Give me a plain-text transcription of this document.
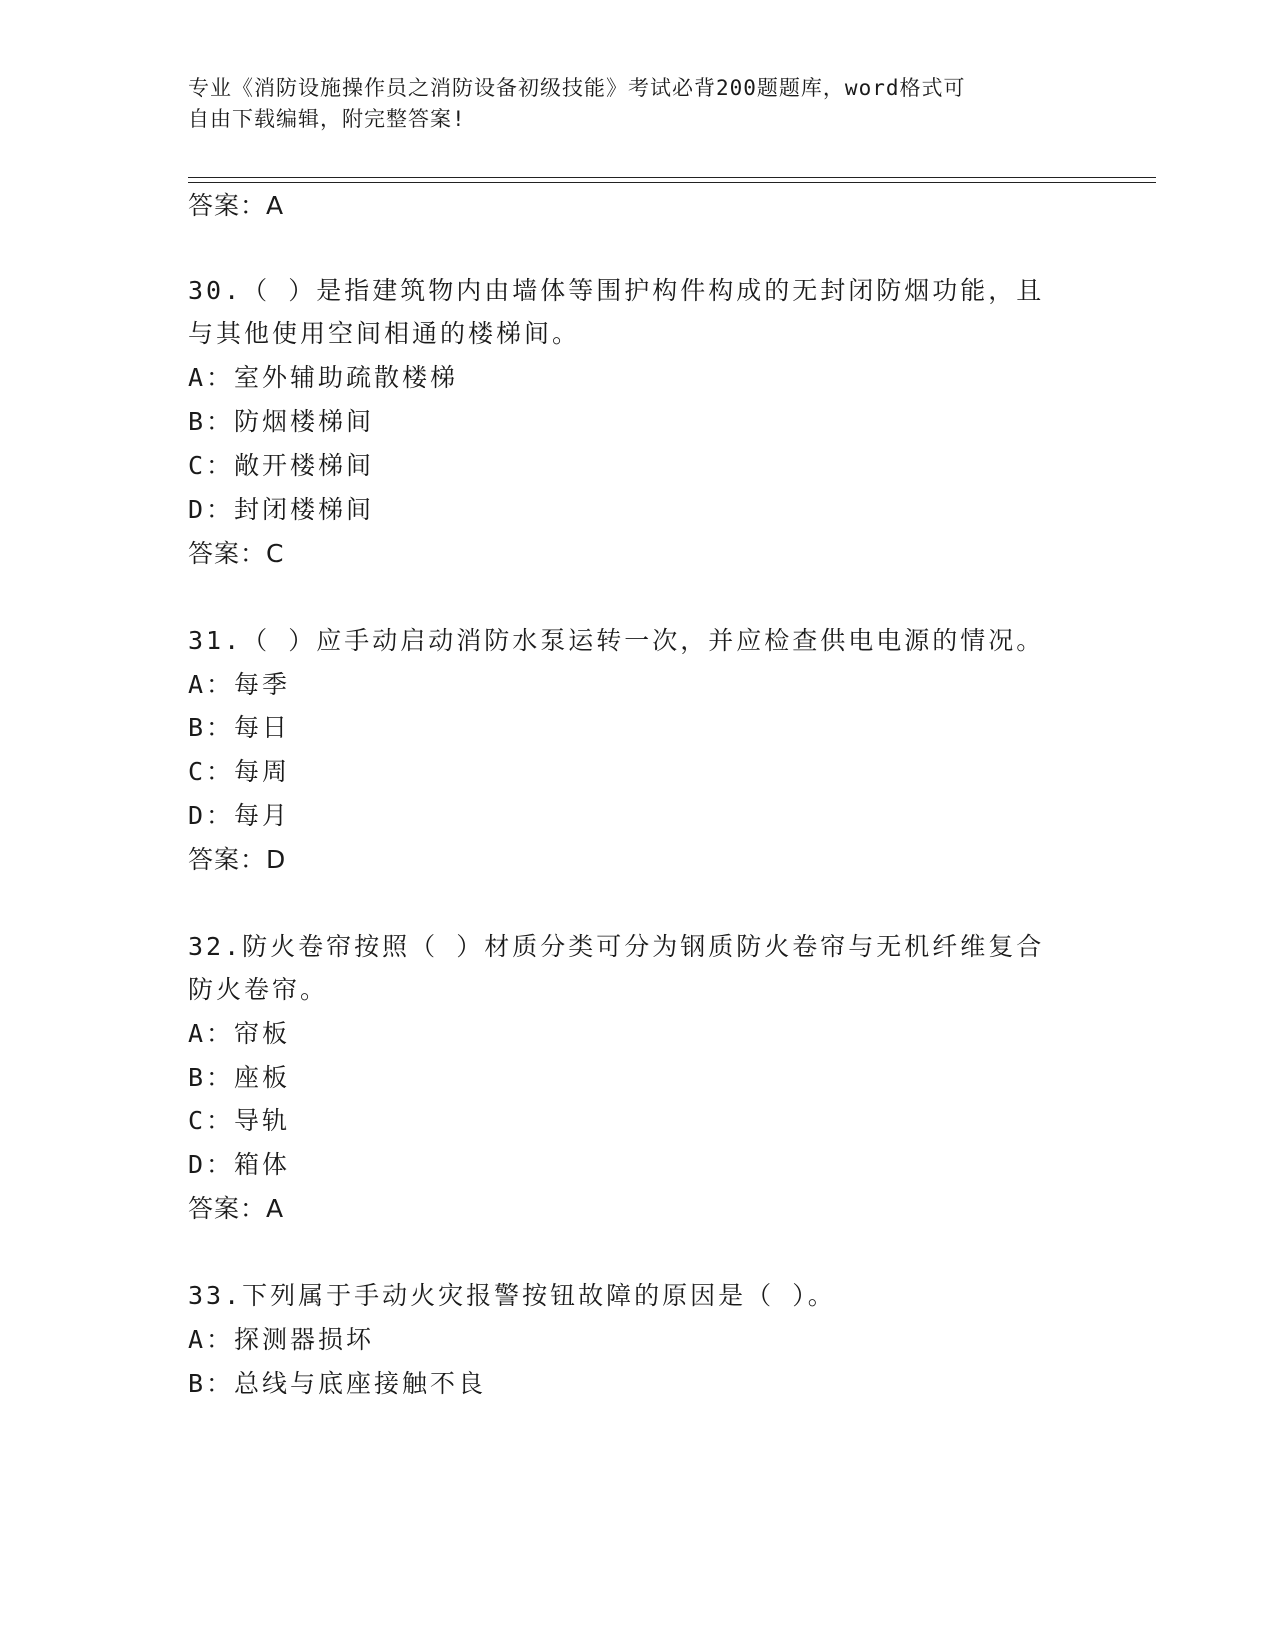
专业《消防设施操作员之消防设备初级技能》考试必背200题题库，word格式可
自由下载编辑，附完整答案!
答案：A
30.（ ）是指建筑物内由墙体等围护构件构成的无封闭防烟功能，且
与其他使用空间相通的楼梯间。
A：室外辅助疏散楼梯
B：防烟楼梯间
C：敞开楼梯间
D：封闭楼梯间
答案：C
31.（ ）应手动启动消防水泵运转一次，并应检查供电电源的情况。
A：每季
B：每日
C：每周
D：每月
答案：D
32.防火卷帘按照（ ）材质分类可分为钢质防火卷帘与无机纤维复合
防火卷帘。
A：帘板
B：座板
C：导轨
D：箱体
答案：A
33.下列属于手动火灾报警按钮故障的原因是（ ）。
A：探测器损坏
B：总线与底座接触不良
